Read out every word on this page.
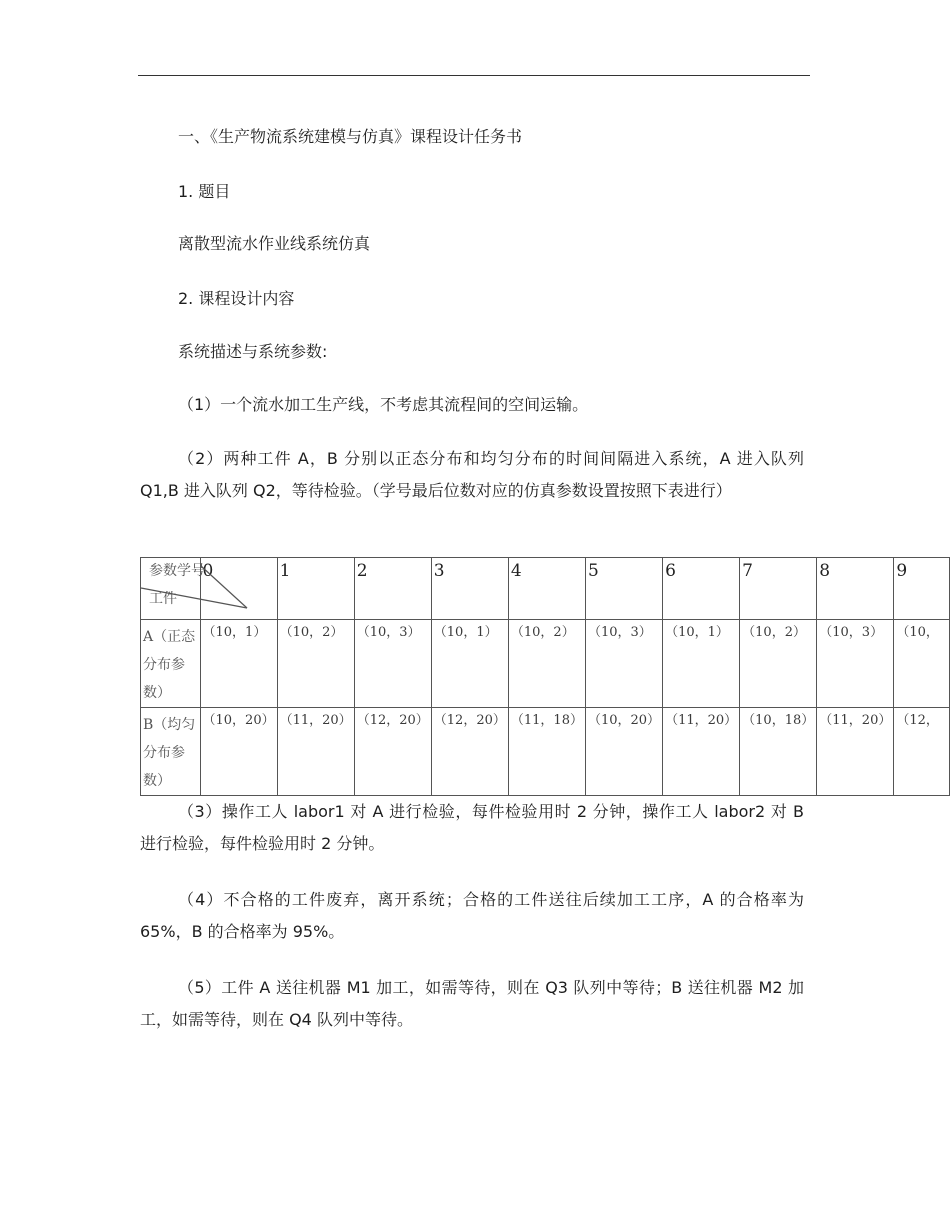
一、《生产物流系统建模与仿真》课程设计任务书
1. 题目
离散型流水作业线系统仿真
2. 课程设计内容
系统描述与系统参数:
（1）一个流水加工生产线，不考虑其流程间的空间运输。
（2）两种工件 A，B 分别以正态分布和均匀分布的时间间隔进入系统，A 进入队列 Q1,B 进入队列 Q2，等待检验。（学号最后位数对应的仿真参数设置按照下表进行）
参数学号
工件	0	1	2	3	4	5	6	7	8	9
A（正态分布参数）	（10，1）	（10，2）	（10，3）	（10，1）	（10，2）	（10，3）	（10，1）	（10，2）	（10，3）	（10，
B（均匀分布参数）	（10，20）	（11，20）	（12，20）	（12，20）	（11，18）	（10，20）	（11，20）	（10，18）	（11，20）	（12，
（3）操作工人 labor1 对 A 进行检验，每件检验用时 2 分钟，操作工人 labor2 对 B 进行检验，每件检验用时 2 分钟。
（4）不合格的工件废弃，离开系统；合格的工件送往后续加工工序，A 的合格率为 65%，B 的合格率为 95%。
（5）工件 A 送往机器 M1 加工，如需等待，则在 Q3 队列中等待；B 送往机器 M2 加工，如需等待，则在 Q4 队列中等待。
